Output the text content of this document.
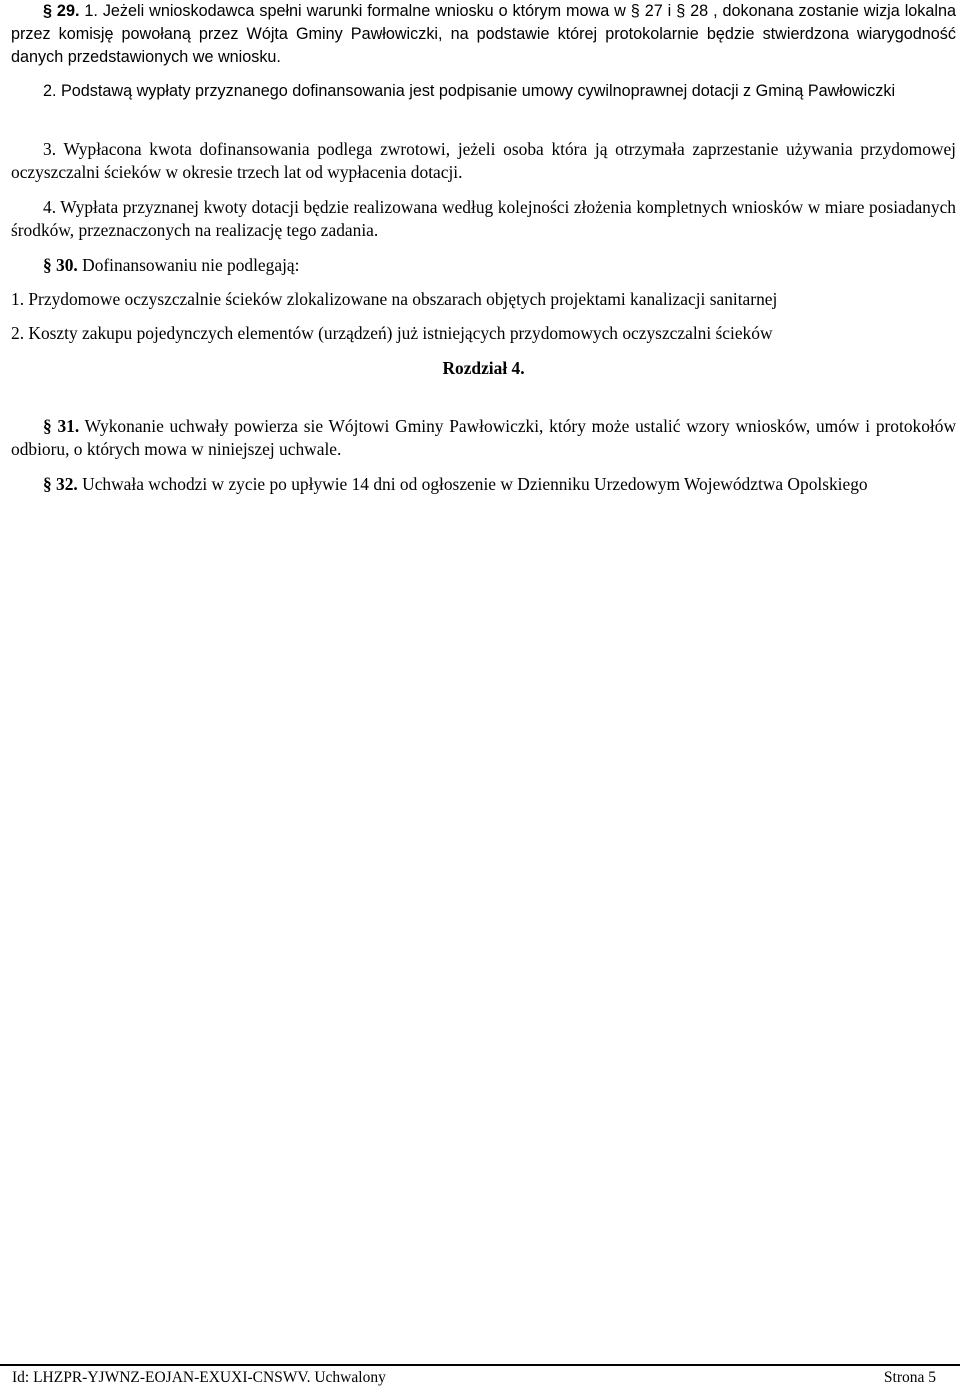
§ 29. 1. Jeżeli wnioskodawca spełni warunki formalne wniosku o którym mowa w § 27 i § 28 , dokonana zostanie wizja lokalna przez komisję powołaną przez Wójta Gminy Pawłowiczki, na podstawie której protokolarnie będzie stwierdzona wiarygodność danych przedstawionych we wniosku.

2. Podstawą wypłaty przyznanego dofinansowania jest podpisanie umowy cywilnoprawnej dotacji z Gminą Pawłowiczki

3. Wypłacona kwota dofinansowania podlega zwrotowi, jeżeli osoba która ją otrzymała zaprzestanie używania przydomowej oczyszczalni ścieków w okresie trzech lat od wypłacenia dotacji.

4. Wypłata przyznanej kwoty dotacji będzie realizowana według kolejności złożenia kompletnych wniosków w miare posiadanych środków, przeznaczonych na realizację tego zadania.

§ 30. Dofinansowaniu nie podlegają:

1. Przydomowe oczyszczalnie ścieków zlokalizowane na obszarach objętych projektami kanalizacji sanitarnej

2. Koszty zakupu pojedynczych elementów (urządzeń) już istniejących przydomowych oczyszczalni ścieków

Rozdział 4.

§ 31. Wykonanie uchwały powierza sie Wójtowi Gminy Pawłowiczki, który może ustalić wzory wniosków, umów i protokołów odbioru, o których mowa w niniejszej uchwale.

§ 32. Uchwała wchodzi w zycie po upływie 14 dni od ogłoszenie w Dzienniku Urzedowym Województwa Opolskiego

Id: LHZPR-YJWNZ-EOJAN-EXUXI-CNSWV. Uchwalony	Strona 5
